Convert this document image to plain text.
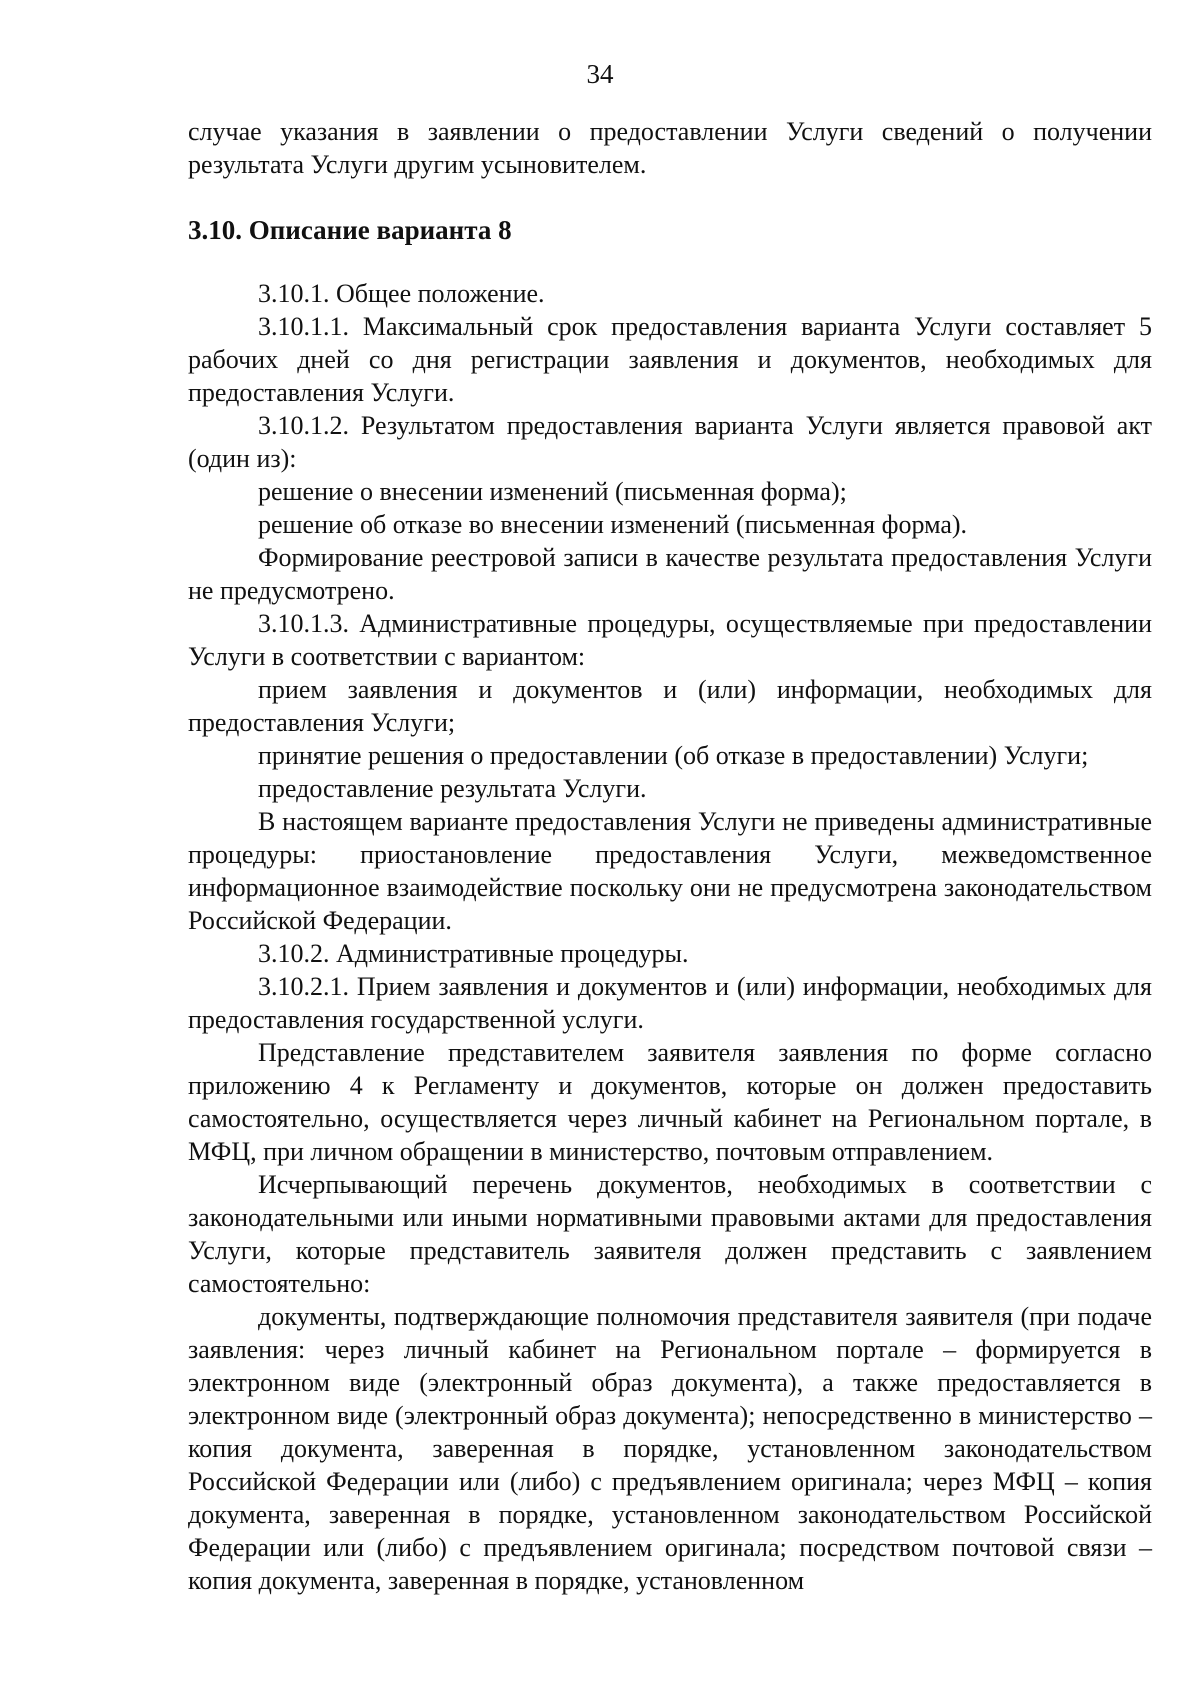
34

случае указания в заявлении о предоставлении Услуги сведений о получении результата Услуги другим усыновителем.

3.10. Описание варианта 8

3.10.1. Общее положение.

3.10.1.1. Максимальный срок предоставления варианта Услуги составляет 5 рабочих дней со дня регистрации заявления и документов, необходимых для предоставления Услуги.

3.10.1.2. Результатом предоставления варианта Услуги является правовой акт (один из):

решение о внесении изменений (письменная форма);

решение об отказе во внесении изменений (письменная форма).

Формирование реестровой записи в качестве результата предоставления Услуги не предусмотрено.

3.10.1.3. Административные процедуры, осуществляемые при предоставлении Услуги в соответствии с вариантом:

прием заявления и документов и (или) информации, необходимых для предоставления Услуги;

принятие решения о предоставлении (об отказе в предоставлении) Услуги;

предоставление результата Услуги.

В настоящем варианте предоставления Услуги не приведены административные процедуры: приостановление предоставления Услуги, межведомственное информационное взаимодействие поскольку они не предусмотрена законодательством Российской Федерации.

3.10.2. Административные процедуры.

3.10.2.1. Прием заявления и документов и (или) информации, необходимых для предоставления государственной услуги.

Представление представителем заявителя заявления по форме согласно приложению 4 к Регламенту и документов, которые он должен предоставить самостоятельно, осуществляется через личный кабинет на Региональном портале, в МФЦ, при личном обращении в министерство, почтовым отправлением.

Исчерпывающий перечень документов, необходимых в соответствии с законодательными или иными нормативными правовыми актами для предоставления Услуги, которые представитель заявителя должен представить с заявлением самостоятельно:

документы, подтверждающие полномочия представителя заявителя (при подаче заявления: через личный кабинет на Региональном портале – формируется в электронном виде (электронный образ документа), а также предоставляется в электронном виде (электронный образ документа); непосредственно в министерство – копия документа, заверенная в порядке, установленном законодательством Российской Федерации или (либо) с предъявлением оригинала; через МФЦ – копия документа, заверенная в порядке, установленном законодательством Российской Федерации или (либо) с предъявлением оригинала; посредством почтовой связи – копия документа, заверенная в порядке, установленном
